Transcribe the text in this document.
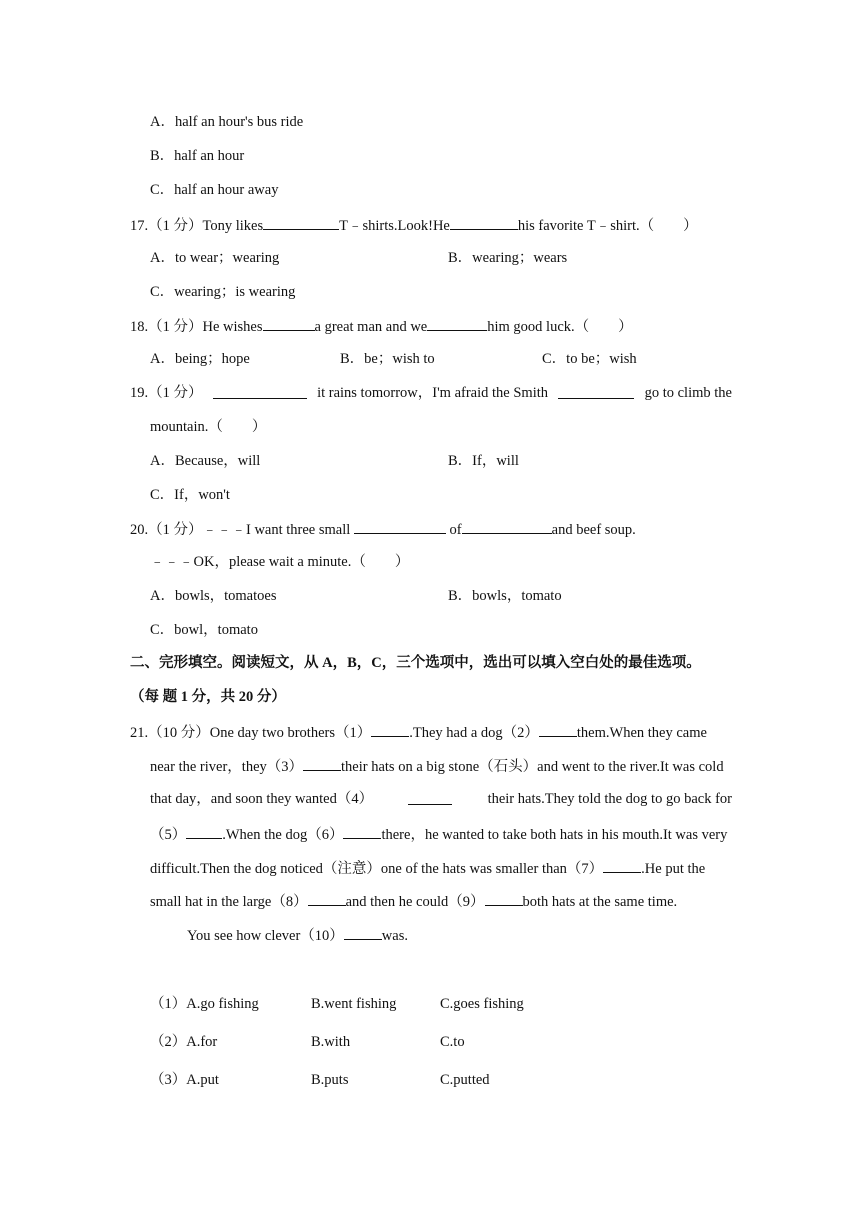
A．half an hour's bus ride
B．half an hour
C．half an hour away
17.（1 分）Tony likes	T﹣shirts.Look!He	his favorite T﹣shirt.（　　）
A．to wear；wearing	B．wearing；wears
C．wearing；is wearing
18.（1 分）He wishes	a great man and we	him good luck.（　　）
A．being；hope	B．be；wish to	C．to be；wish
19.（1 分）	it rains tomorrow，I'm afraid the Smith	go to climb the
mountain.（　　）
A．Because，will	B．If，will
C．If，won't
20.（1 分）﹣﹣﹣I want three small	of	and beef soup.
﹣﹣﹣OK，please wait a minute.（　　）
A．bowls，tomatoes	B．bowls，tomato
C．bowl，tomato
二、完形填空。阅读短文，从 A，B，C，三个选项中，选出可以填入空白处的最佳选项。
（每 题 1 分，共 20 分）
21.（10 分）One day two brothers（1）	.They had a dog（2）	them.When they came
near the river，they（3）	their hats on a big stone（石头）and went to the river.It was cold
that day，and soon they wanted（4）	their hats.They told the dog to go back for
（5） .When the dog（6）	there，he wanted to take both hats in his mouth.It was very
difficult.Then the dog noticed（注意）one of the hats was smaller than（7）	.He put the
small hat in the large（8）	and then he could（9）	both hats at the same time.
You see how clever（10）	was.
（1）A.go fishing	B.went fishing	C.goes fishing
（2）A.for	B.with	C.to
（3）A.put	B.puts	C.putted
